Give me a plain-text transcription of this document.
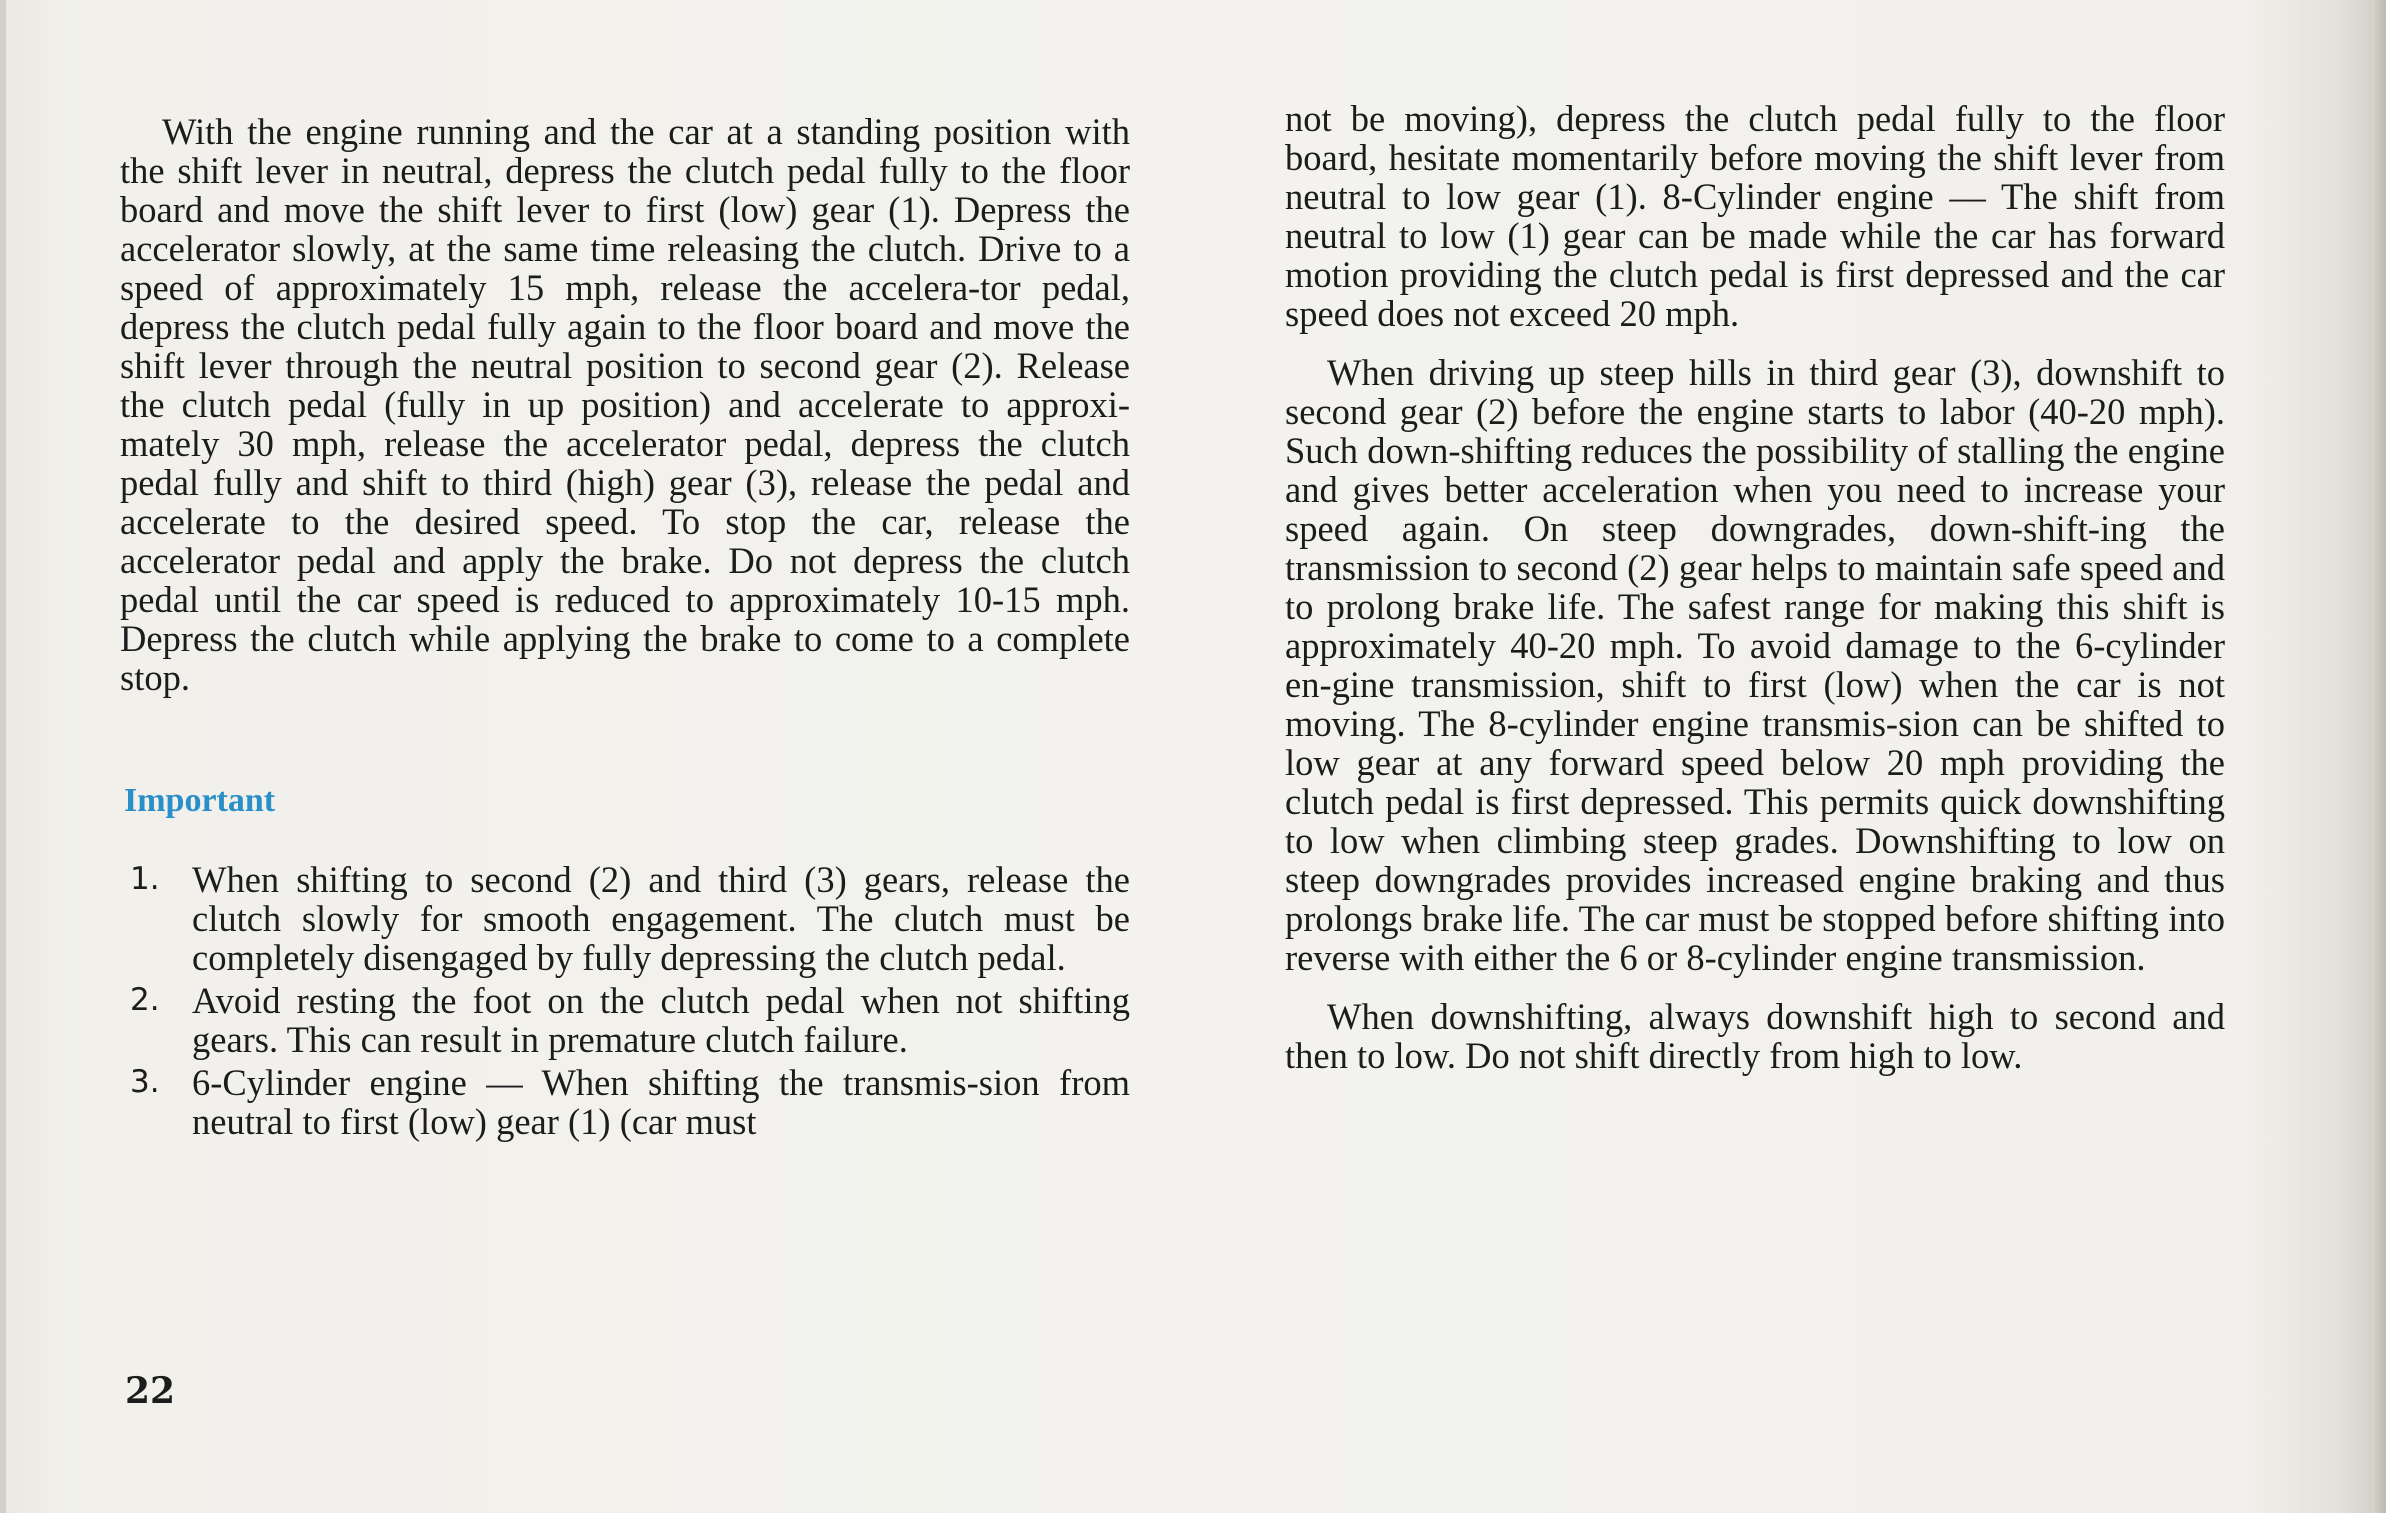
With the engine running and the car at a standing position with the shift lever in neutral, depress the clutch pedal fully to the floor board and move the shift lever to first (low) gear (1). Depress the accelerator slowly, at the same time releasing the clutch. Drive to a speed of approximately 15 mph, release the accelera-tor pedal, depress the clutch pedal fully again to the floor board and move the shift lever through the neutral position to second gear (2). Release the clutch pedal (fully in up position) and accelerate to approxi-mately 30 mph, release the accelerator pedal, depress the clutch pedal fully and shift to third (high) gear (3), release the pedal and accelerate to the desired speed. To stop the car, release the accelerator pedal and apply the brake. Do not depress the clutch pedal until the car speed is reduced to approximately 10-15 mph. Depress the clutch while applying the brake to come to a complete stop.

Important
1. When shifting to second (2) and third (3) gears, release the clutch slowly for smooth engagement. The clutch must be completely disengaged by fully depressing the clutch pedal.
2. Avoid resting the foot on the clutch pedal when not shifting gears. This can result in premature clutch failure.
3. 6-Cylinder engine — When shifting the transmis-sion from neutral to first (low) gear (1) (car must
22

not be moving), depress the clutch pedal fully to the floor board, hesitate momentarily before moving the shift lever from neutral to low gear (1). 8-Cylinder engine — The shift from neutral to low (1) gear can be made while the car has forward motion providing the clutch pedal is first depressed and the car speed does not exceed 20 mph.

When driving up steep hills in third gear (3), downshift to second gear (2) before the engine starts to labor (40-20 mph). Such down-shifting reduces the possibility of stalling the engine and gives better acceleration when you need to increase your speed again. On steep downgrades, down-shift-ing the transmission to second (2) gear helps to maintain safe speed and to prolong brake life. The safest range for making this shift is approximately 40-20 mph. To avoid damage to the 6-cylinder en-gine transmission, shift to first (low) when the car is not moving. The 8-cylinder engine transmis-sion can be shifted to low gear at any forward speed below 20 mph providing the clutch pedal is first depressed. This permits quick downshifting to low when climbing steep grades. Downshifting to low on steep downgrades provides increased engine braking and thus prolongs brake life. The car must be stopped before shifting into reverse with either the 6 or 8-cylinder engine transmission.

When downshifting, always downshift high to second and then to low. Do not shift directly from high to low.
